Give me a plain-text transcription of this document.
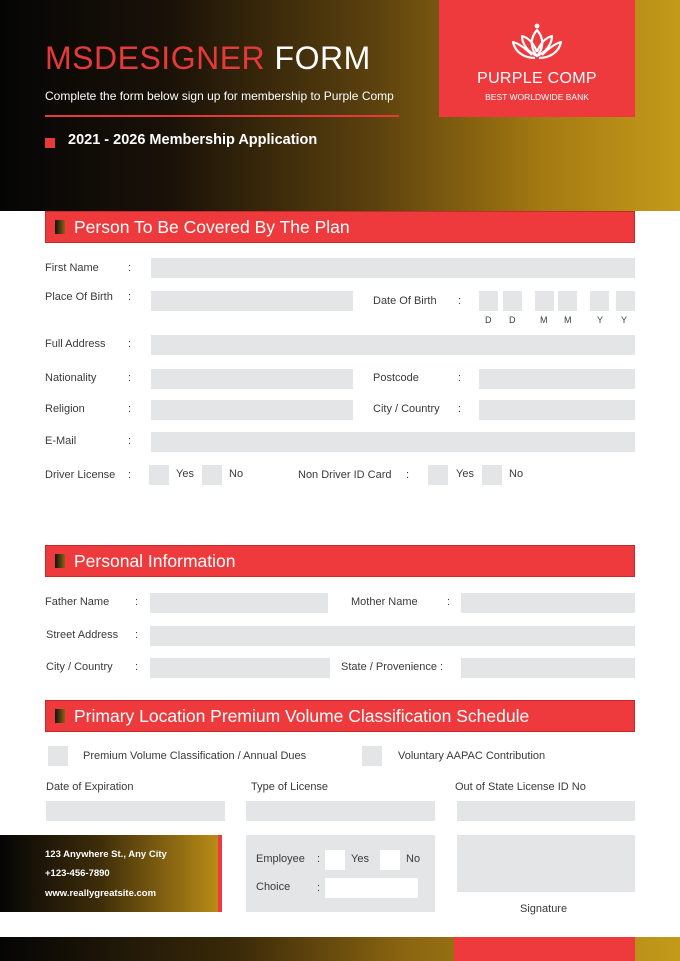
MSDESIGNER FORM
Complete the form below sign up for membership to Purple Comp
2021 - 2026 Membership Application
PURPLE COMP
BEST WORLDWIDE BANK
Person To Be Covered By The Plan
First Name	:
Place Of Birth :	Date Of Birth :
D D	M M	Y Y
Full Address :
Nationality	:	Postcode	:
Religion	:	City / Country :
E-Mail	:
Driver License :	Yes	No	Non Driver ID Card :	Yes	No
Personal Information
Father Name :	Mother Name	:
Street Address :
City / Country :	State / Provenience :
Primary Location Premium Volume Classification Schedule
Premium Volume Classification / Annual Dues	Voluntary AAPAC Contribution
Date of Expiration	Type of License	Out of State License ID No
Employee :	Yes	No
Choice :
Signature
123 Anywhere St., Any City
+123-456-7890
www.reallygreatsite.com
